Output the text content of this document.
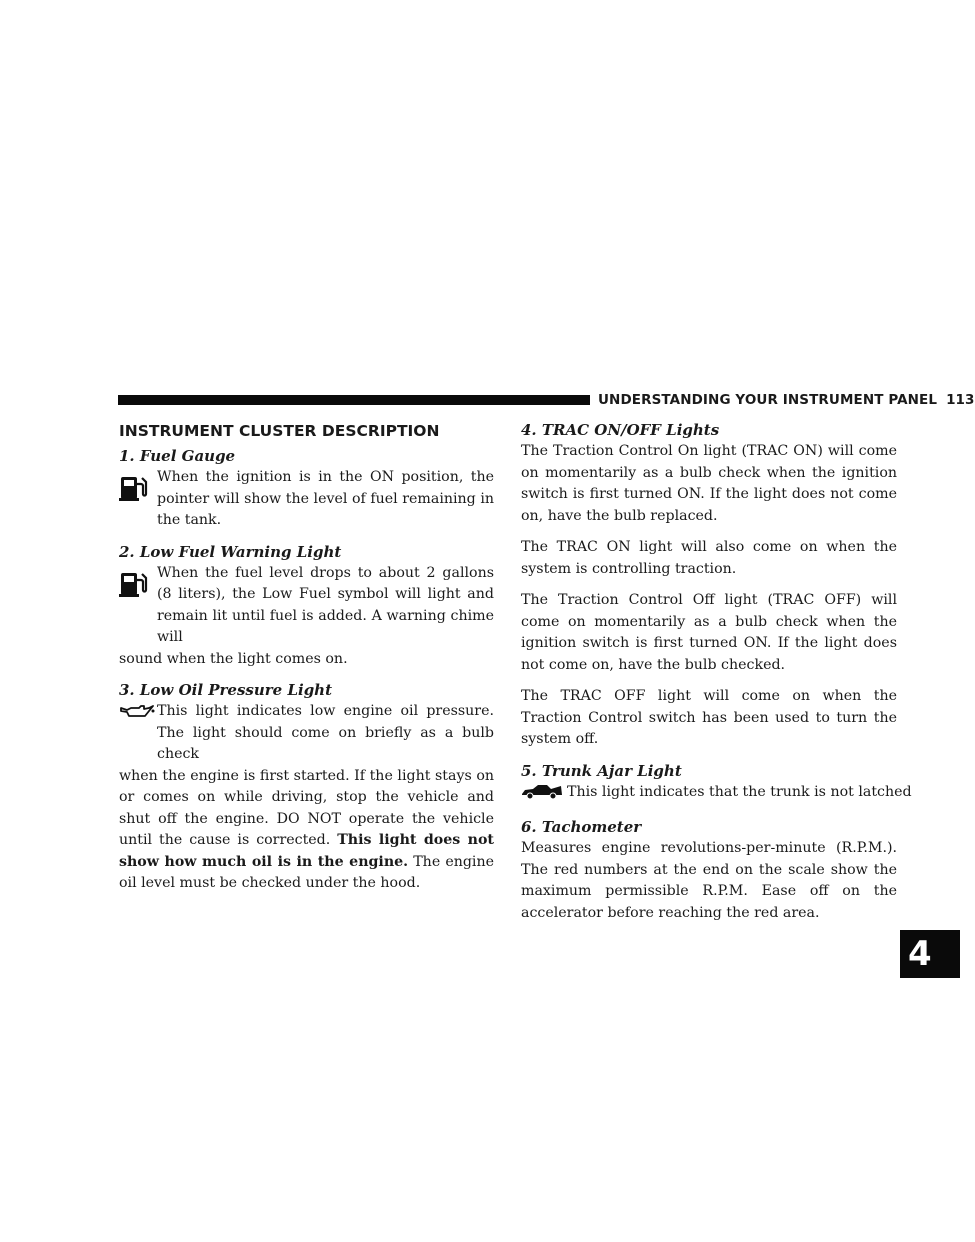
UNDERSTANDING YOUR INSTRUMENT PANEL 113
4
INSTRUMENT CLUSTER DESCRIPTION
1. Fuel Gauge
When the ignition is in the ON position, the pointer will show the level of fuel remaining in the tank.
2. Low Fuel Warning Light
When the fuel level drops to about 2 gallons (8 liters), the Low Fuel symbol will light and remain lit until fuel is added. A warning chime will

sound when the light comes on.

3. Low Oil Pressure Light
This light indicates low engine oil pressure. The light should come on briefly as a bulb check

when the engine is first started. If the light stays on or comes on while driving, stop the vehicle and shut off the engine. DO NOT operate the vehicle until the cause is corrected. This light does not show how much oil is in the engine. The engine oil level must be checked under the hood.

4. TRAC ON/OFF Lights

The Traction Control On light (TRAC ON) will come on momentarily as a bulb check when the ignition switch is first turned ON. If the light does not come on, have the bulb replaced.

The TRAC ON light will also come on when the system is controlling traction.

The Traction Control Off light (TRAC OFF) will come on momentarily as a bulb check when the ignition switch is first turned ON. If the light does not come on, have the bulb checked.

The TRAC OFF light will come on when the Traction Control switch has been used to turn the system off.

5. Trunk Ajar Light
This light indicates that the trunk is not latched
6. Tachometer

Measures engine revolutions-per-minute (R.P.M.). The red numbers at the end on the scale show the maximum permissible R.P.M. Ease off on the accelerator before reaching the red area.
